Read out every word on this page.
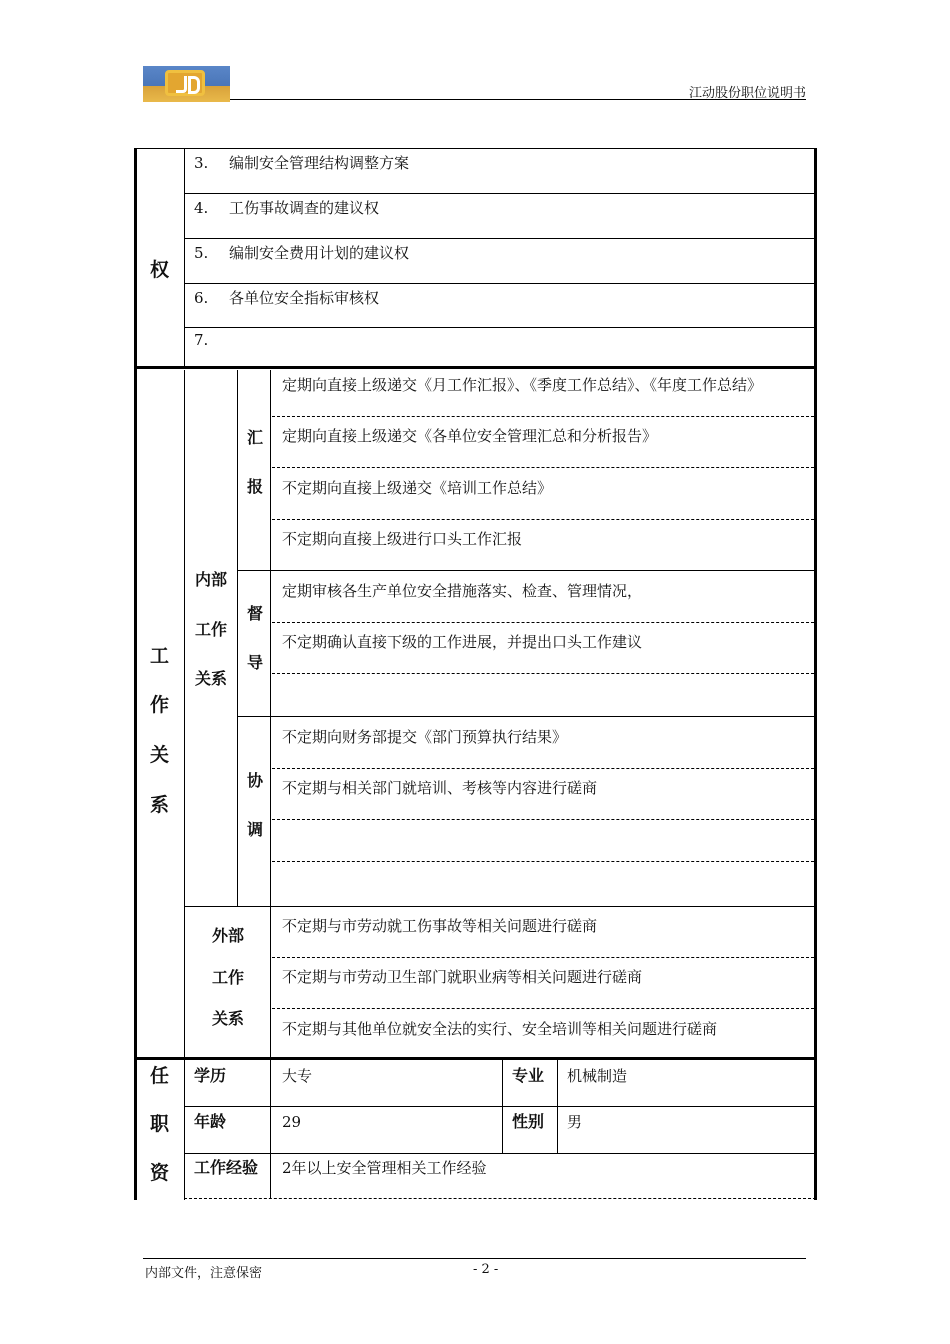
江动股份职位说明书
权
3. 编制安全管理结构调整方案
4. 工伤事故调查的建议权
5. 编制安全费用计划的建议权
6. 各单位安全指标审核权
7.
工
作
关
系
内部
工作
关系
汇
报
定期向直接上级递交《月工作汇报》、《季度工作总结》、《年度工作总结》
定期向直接上级递交《各单位安全管理汇总和分析报告》
不定期向直接上级递交《培训工作总结》
不定期向直接上级进行口头工作汇报
督
导
定期审核各生产单位安全措施落实、检查、管理情况，
不定期确认直接下级的工作进展，并提出口头工作建议
协
调
不定期向财务部提交《部门预算执行结果》
不定期与相关部门就培训、考核等内容进行磋商
外部
工作
关系
不定期与市劳动就工伤事故等相关问题进行磋商
不定期与市劳动卫生部门就职业病等相关问题进行磋商
不定期与其他单位就安全法的实行、安全培训等相关问题进行磋商
任
职
资
学历	大专	专业 机械制造
年龄	29	性别 男
工作经验 2年以上安全管理相关工作经验
内部文件，注意保密	- 2 -
